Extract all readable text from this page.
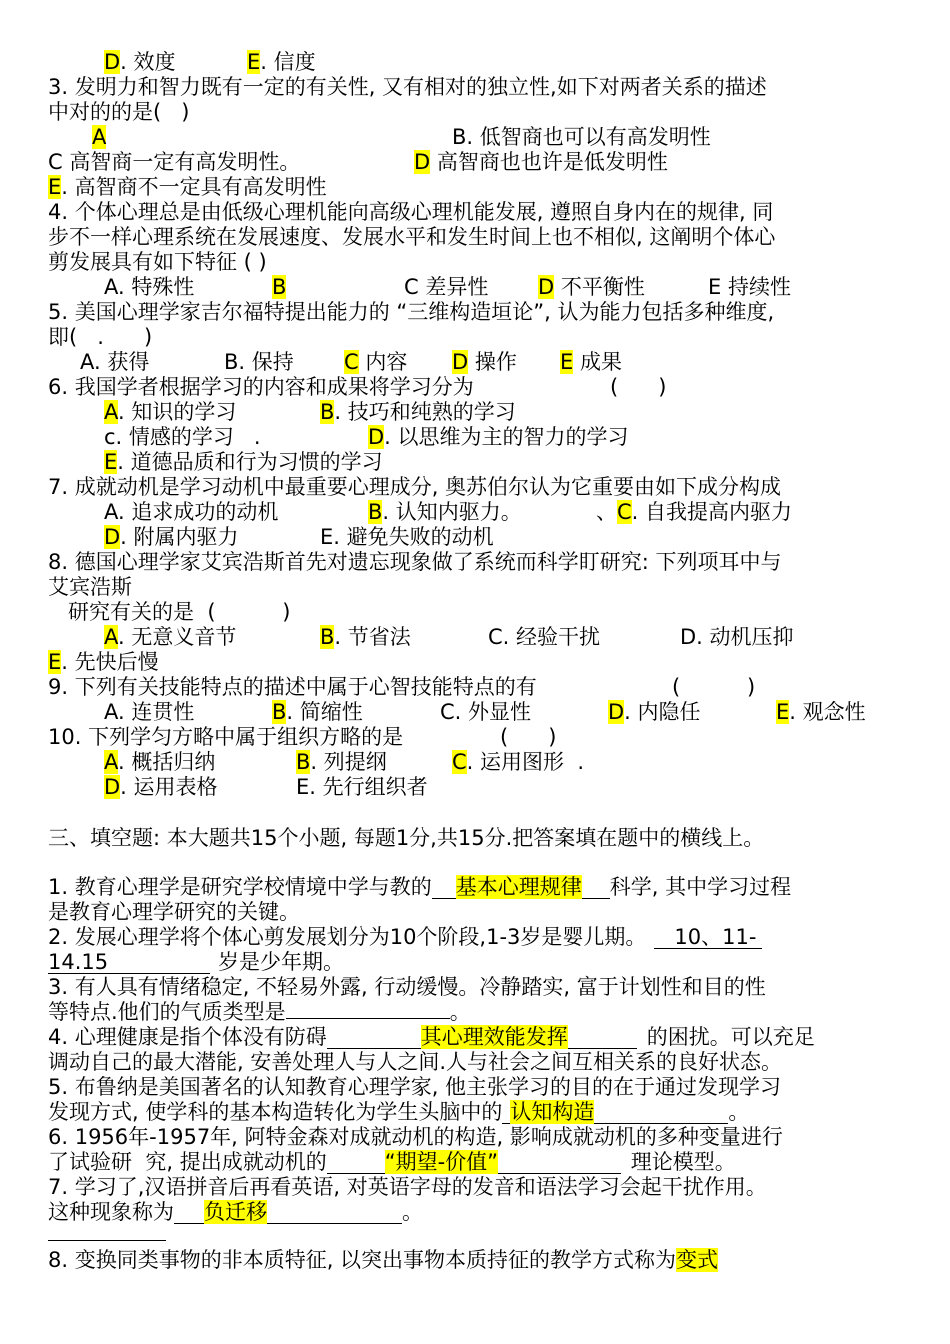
D. 效度	E. 信度
3. 发明力和智力既有一定的有关性, 又有相对的独立性,如下对两者关系的描述
中对的的是(   )
A	B. 低智商也可以有高发明性
C 高智商一定有高发明性。	D 高智商也也许是低发明性
E. 高智商不一定具有高发明性
4. 个体心理总是由低级心理机能向高级心理机能发展, 遵照自身内在的规律, 同
步不一样心理系统在发展速度、发展水平和发生时间上也不相似, 这阐明个体心
剪发展具有如下特征 ( )
A. 特殊性	B	C 差异性 D 不平衡性	E 持续性
5. 美国心理学家吉尔福特提出能力的 “三维构造垣论”, 认为能力包括多种维度,
即(   .      )
A. 获得	B. 保持 C 内容 D 操作 E 成果
6. 我国学者根据学习的内容和成果将学习分为	(      )
A. 知识的学习	B. 技巧和纯熟的学习
c. 情感的学习   .	D. 以思维为主的智力的学习
E. 道德品质和行为习惯的学习
7. 成就动机是学习动机中最重要心理成分, 奥苏伯尔认为它重要由如下成分构成
A. 追求成功的动机	B. 认知内驱力。	、C. 自我提高内驱力
D. 附属内驱力	E. 避免失败的动机
8. 德国心理学家艾宾浩斯首先对遗忘现象做了系统而科学盯研究: 下列项耳中与
艾宾浩斯
研究有关的是  (          )
A. 无意义音节	B. 节省法	C. 经验干扰	D. 动机压抑
E. 先快后慢
9. 下列有关技能特点的描述中属于心智技能特点的有	(          )
A. 连贯性	B. 简缩性	C. 外显性	D. 内隐任	E. 观念性
10. 下列学匀方略中属于组织方略的是	(      )
A. 概括归纳	B. 列提纲	C. 运用图形  .
D. 运用表格	E. 先行组织者
三、填空题: 本大题共15个小题, 每题1分,共15分.把答案填在题中的横线上。
1. 教育心理学是研究学校情境中学与教的 基本心理规律 科学, 其中学习过程
是教育心理学研究的关键。
2. 发展心理学将个体心剪发展划分为10个阶段,1-3岁是婴儿期。 10、11-
14.15	岁是少年期。
3. 有人具有情绪稳定, 不轻易外露, 行动缓慢。冷静踏实, 富于计划性和目的性
等特点.他们的气质类型是	。
4. 心理健康是指个体没有防碍	其心理效能发挥	的困扰。可以充足
调动自己的最大潜能, 安善处理人与人之间.人与社会之间互相关系的良好状态。
5. 布鲁纳是美国著名的认知教育心理学家, 他主张学习的目的在于通过发现学习
发现方式, 使学科的基本构造转化为学生头脑中的 认知构造	。
6. 1956年-1957年, 阿特金森对成就动机的构造, 影响成就动机的多种变量进行
了试验研  究, 提出成就动机的	“期望-价值”	理论模型。
7. 学习了,汉语拼音后再看英语, 对英语字母的发音和语法学习会起干扰作用。
这种现象称为 负迁移	。
8. 变换同类事物的非本质特征, 以突出事物本质持征的教学方式称为变式
